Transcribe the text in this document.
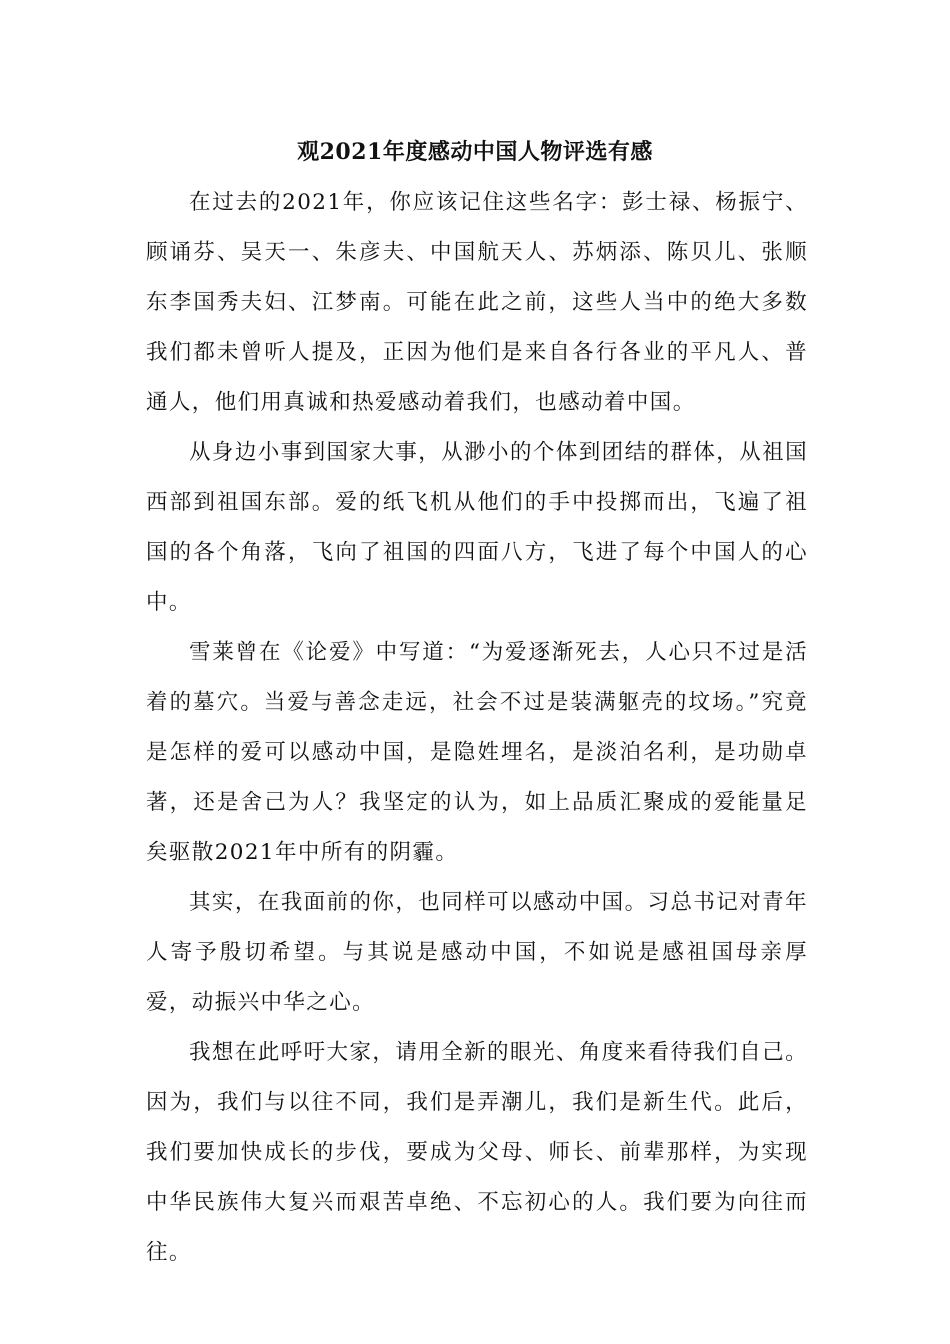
观2021年度感动中国人物评选有感

在过去的2021年，你应该记住这些名字：彭士禄、杨振宁、顾诵芬、吴天一、朱彦夫、中国航天人、苏炳添、陈贝儿、张顺东李国秀夫妇、江梦南。可能在此之前，这些人当中的绝大多数我们都未曾听人提及，正因为他们是来自各行各业的平凡人、普通人，他们用真诚和热爱感动着我们，也感动着中国。

从身边小事到国家大事，从渺小的个体到团结的群体，从祖国西部到祖国东部。爱的纸飞机从他们的手中投掷而出，飞遍了祖国的各个角落，飞向了祖国的四面八方，飞进了每个中国人的心中。

雪莱曾在《论爱》中写道：“为爱逐渐死去，人心只不过是活着的墓穴。当爱与善念走远，社会不过是装满躯壳的坟场。”究竟是怎样的爱可以感动中国，是隐姓埋名，是淡泊名利，是功勋卓著，还是舍己为人？我坚定的认为，如上品质汇聚成的爱能量足矣驱散2021年中所有的阴霾。

其实，在我面前的你，也同样可以感动中国。习总书记对青年人寄予殷切希望。与其说是感动中国，不如说是感祖国母亲厚爱，动振兴中华之心。

我想在此呼吁大家，请用全新的眼光、角度来看待我们自己。因为，我们与以往不同，我们是弄潮儿，我们是新生代。此后，我们要加快成长的步伐，要成为父母、师长、前辈那样，为实现中华民族伟大复兴而艰苦卓绝、不忘初心的人。我们要为向往而往。
